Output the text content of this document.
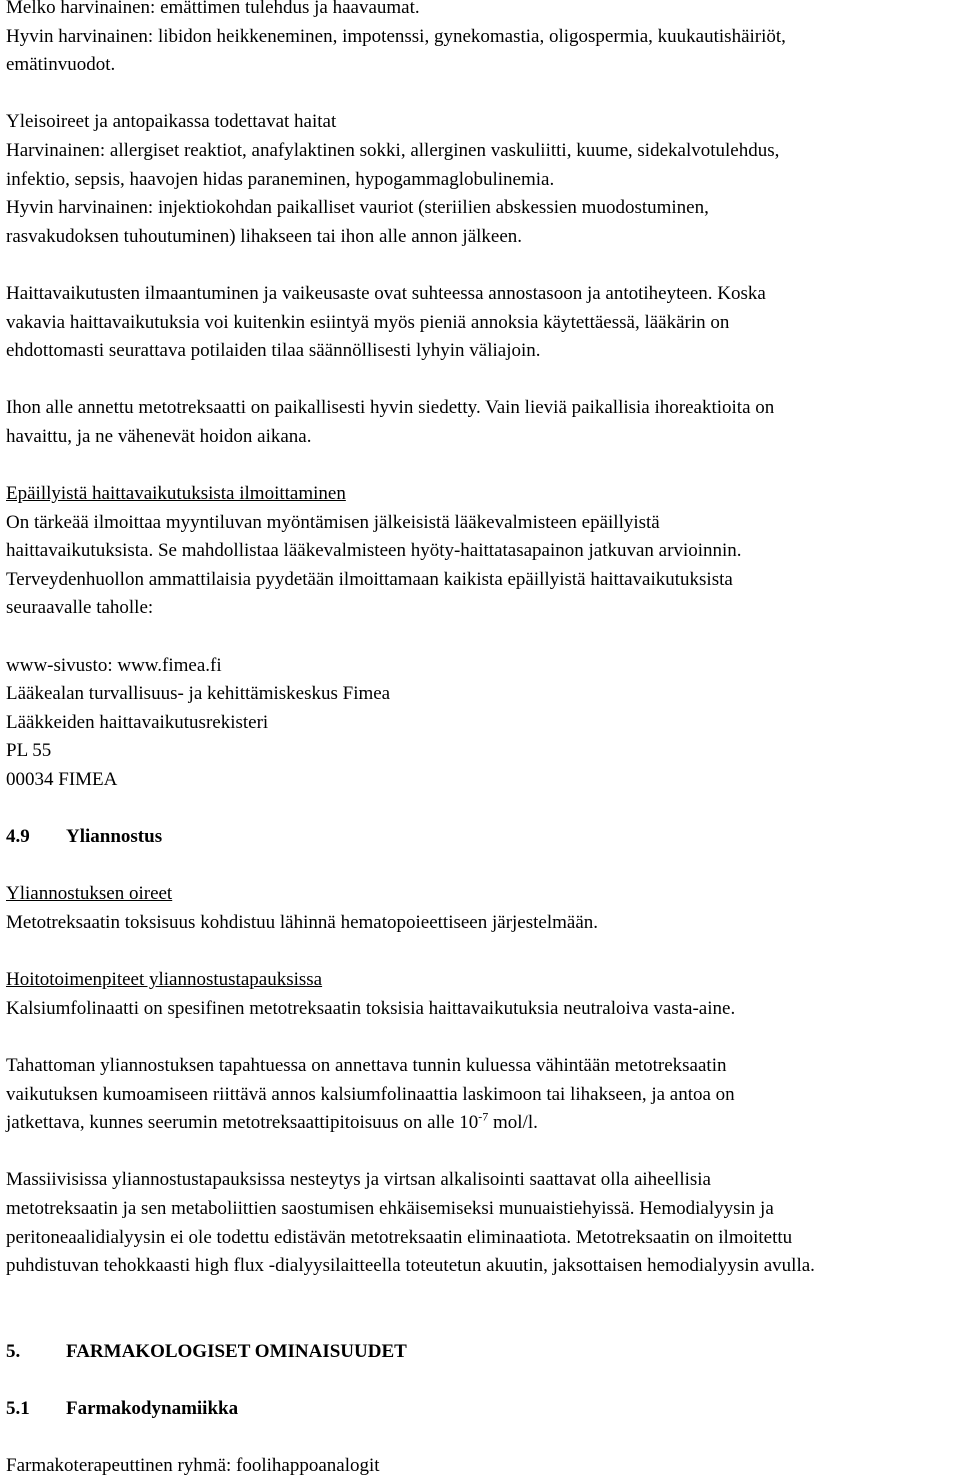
Melko harvinainen: emättimen tulehdus ja haavaumat.
Hyvin harvinainen: libidon heikkeneminen, impotenssi, gynekomastia, oligospermia, kuukautishäiriöt,
emätinvuodot.

Yleisoireet ja antopaikassa todettavat haitat
Harvinainen: allergiset reaktiot, anafylaktinen sokki, allerginen vaskuliitti, kuume, sidekalvotulehdus,
infektio, sepsis, haavojen hidas paraneminen, hypogammaglobulinemia.
Hyvin harvinainen: injektiokohdan paikalliset vauriot (steriilien abskessien muodostuminen,
rasvakudoksen tuhoutuminen) lihakseen tai ihon alle annon jälkeen.

Haittavaikutusten ilmaantuminen ja vaikeusaste ovat suhteessa annostasoon ja antotiheyteen. Koska
vakavia haittavaikutuksia voi kuitenkin esiintyä myös pieniä annoksia käytettäessä, lääkärin on
ehdottomasti seurattava potilaiden tilaa säännöllisesti lyhyin väliajoin.

Ihon alle annettu metotreksaatti on paikallisesti hyvin siedetty. Vain lieviä paikallisia ihoreaktioita on
havaittu, ja ne vähenevät hoidon aikana.

Epäillyistä haittavaikutuksista ilmoittaminen
On tärkeää ilmoittaa myyntiluvan myöntämisen jälkeisistä lääkevalmisteen epäillyistä
haittavaikutuksista. Se mahdollistaa lääkevalmisteen hyöty-haittatasapainon jatkuvan arvioinnin.
Terveydenhuollon ammattilaisia pyydetään ilmoittamaan kaikista epäillyistä haittavaikutuksista
seuraavalle taholle:

www-sivusto: www.fimea.fi
Lääkealan turvallisuus- ja kehittämiskeskus Fimea
Lääkkeiden haittavaikutusrekisteri
PL 55
00034 FIMEA

4.9	Yliannostus

Yliannostuksen oireet
Metotreksaatin toksisuus kohdistuu lähinnä hematopoieettiseen järjestelmään.

Hoitotoimenpiteet yliannostustapauksissa
Kalsiumfolinaatti on spesifinen metotreksaatin toksisia haittavaikutuksia neutraloiva vasta-aine.

Tahattoman yliannostuksen tapahtuessa on annettava tunnin kuluessa vähintään metotreksaatin
vaikutuksen kumoamiseen riittävä annos kalsiumfolinaattia laskimoon tai lihakseen, ja antoa on
jatkettava, kunnes seerumin metotreksaattipitoisuus on alle $10^{-7}$ mol/l.

Massiivisissa yliannostustapauksissa nesteytys ja virtsan alkalisointi saattavat olla aiheellisia
metotreksaatin ja sen metaboliittien saostumisen ehkäisemiseksi munuaistiehyissä. Hemodialyysin ja
peritoneaalidialyysin ei ole todettu edistävän metotreksaatin eliminaatiota. Metotreksaatin on ilmoitettu
puhdistuvan tehokkaasti high flux -dialyysilaitteella toteutetun akuutin, jaksottaisen hemodialyysin avulla.

5.	FARMAKOLOGISET OMINAISUUDET

5.1	Farmakodynamiikka

Farmakoterapeuttinen ryhmä: foolihappoanalogit
